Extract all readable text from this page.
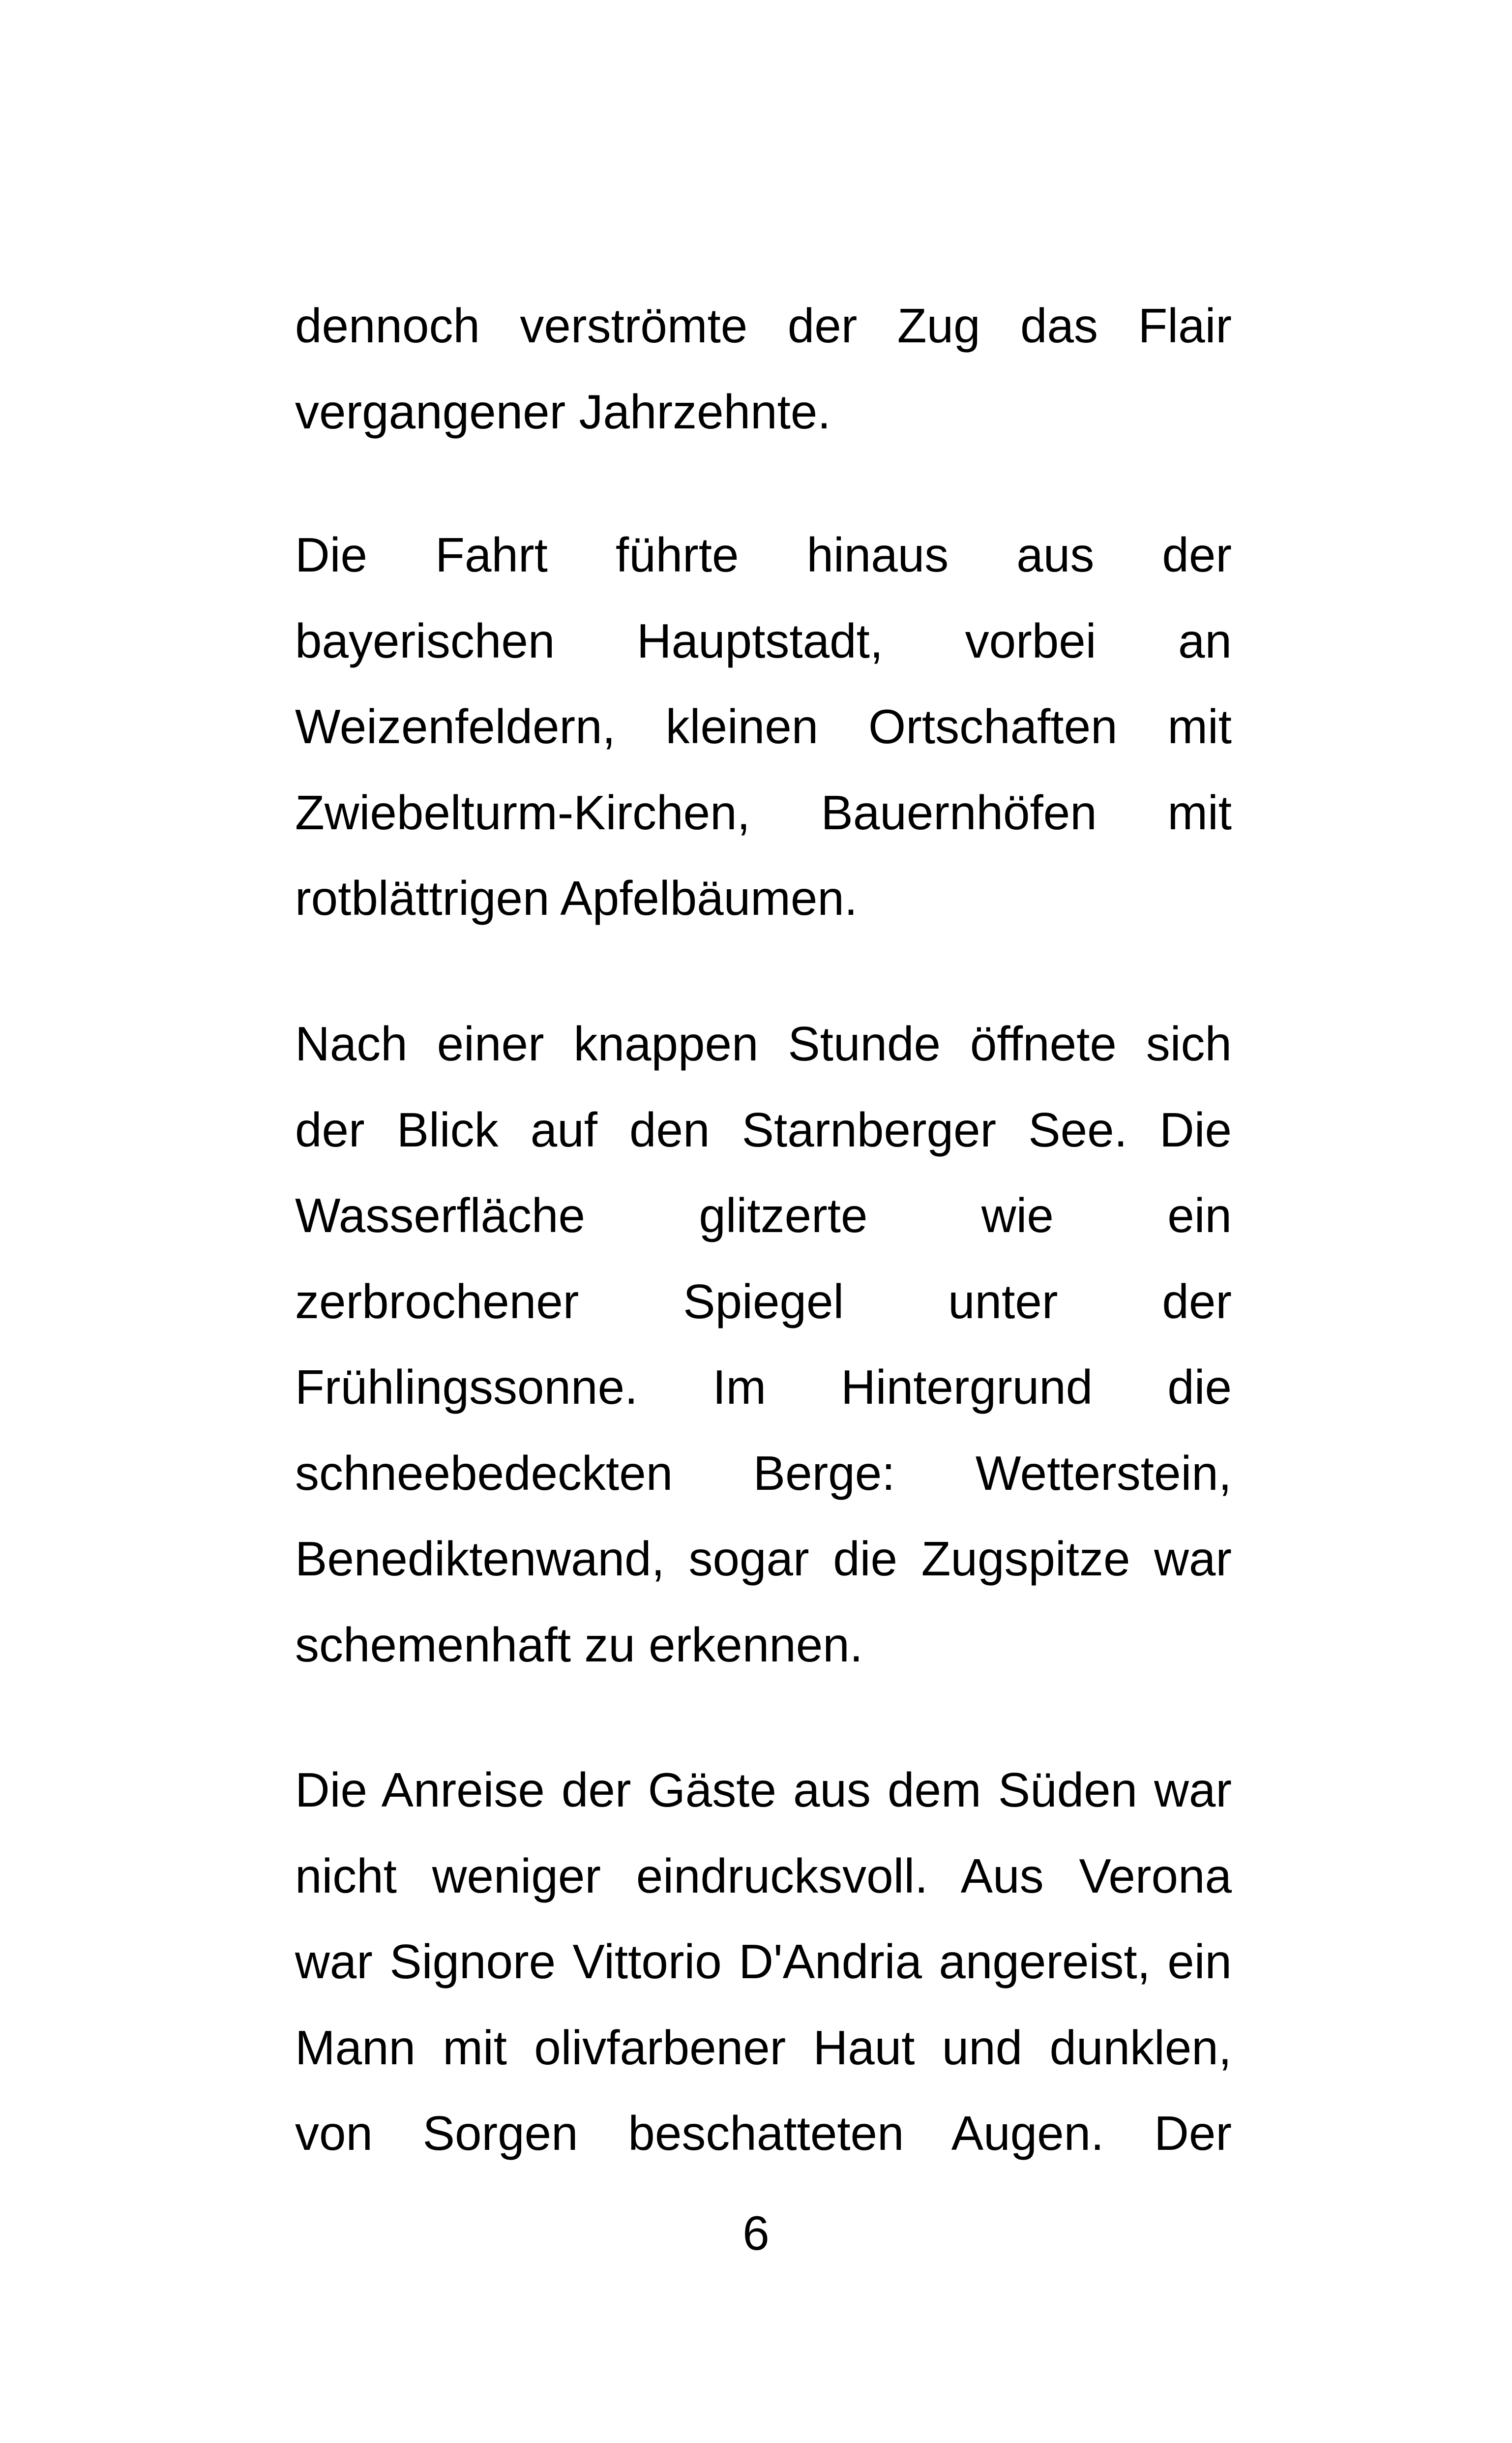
dennoch verströmte der Zug das Flair
vergangener Jahrzehnte.
Die Fahrt führte hinaus aus der
bayerischen Hauptstadt, vorbei an
Weizenfeldern, kleinen Ortschaften mit
Zwiebelturm-Kirchen, Bauernhöfen mit
rotblättrigen Apfelbäumen.
Nach einer knappen Stunde öffnete sich
der Blick auf den Starnberger See. Die
Wasserfläche glitzerte wie ein
zerbrochener Spiegel unter der
Frühlingssonne. Im Hintergrund die
schneebedeckten Berge: Wetterstein,
Benediktenwand, sogar die Zugspitze war
schemenhaft zu erkennen.
Die Anreise der Gäste aus dem Süden war
nicht weniger eindrucksvoll. Aus Verona
war Signore Vittorio D'Andria angereist, ein
Mann mit olivfarbener Haut und dunklen,
von Sorgen beschatteten Augen. Der
6
